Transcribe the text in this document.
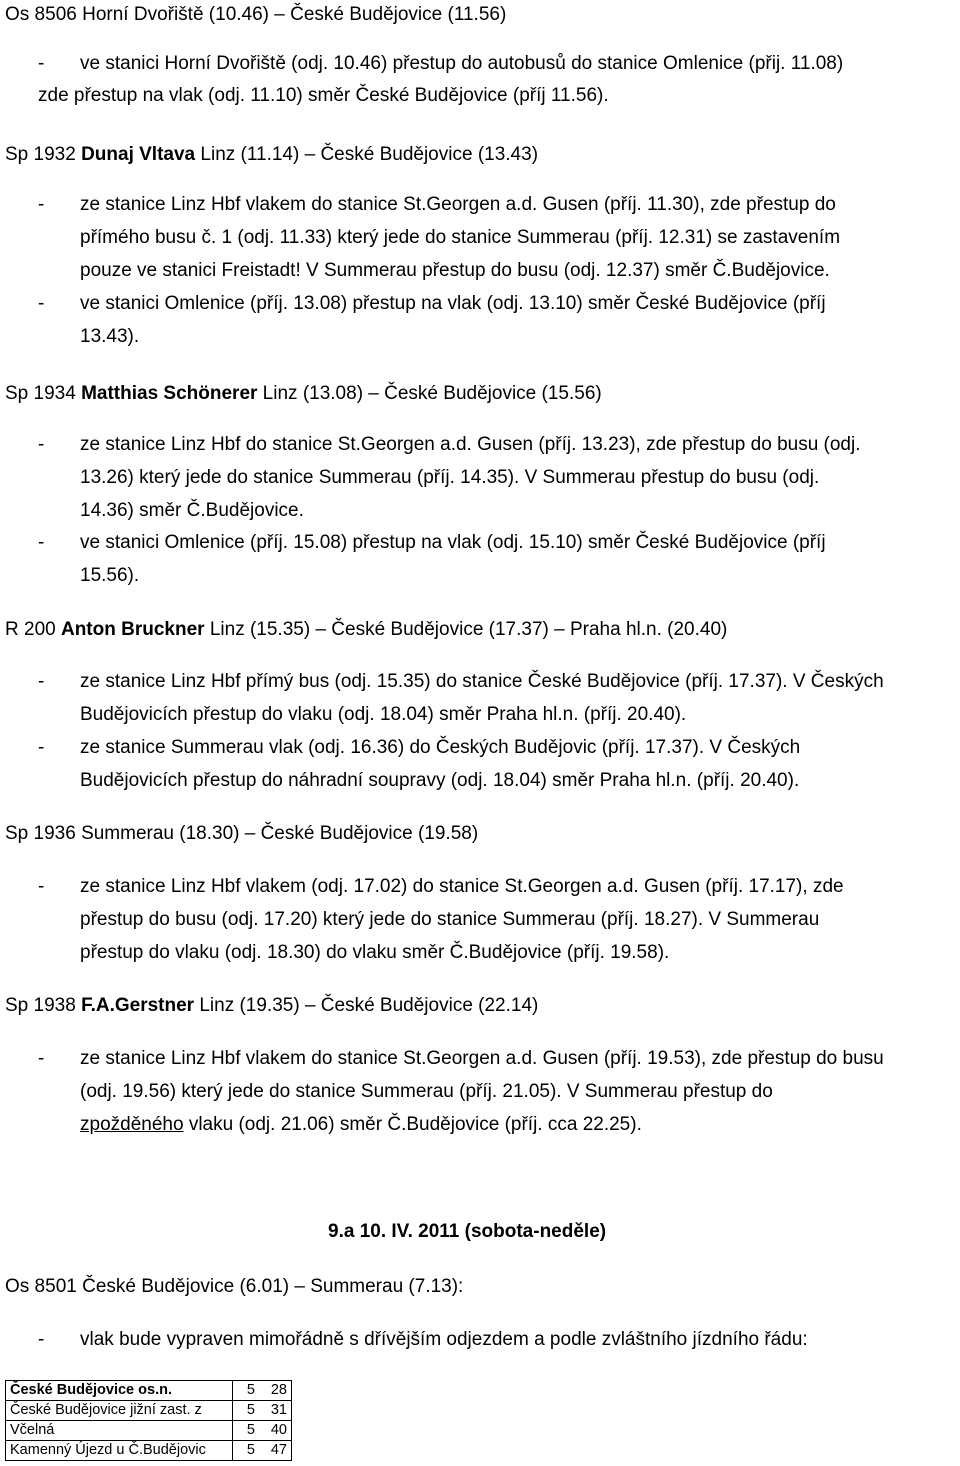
Os 8506 Horní Dvořiště (10.46) – České Budějovice (11.56)
- ve stanici Horní Dvořiště (odj. 10.46) přestup do autobusů do stanice Omlenice (přij. 11.08)
zde přestup na vlak (odj. 11.10) směr České Budějovice (příj 11.56).
Sp 1932 Dunaj Vltava Linz (11.14) – České Budějovice (13.43)
- ze stanice Linz Hbf vlakem do stanice St.Georgen a.d. Gusen (příj. 11.30), zde přestup do
přímého busu č. 1 (odj. 11.33) který jede do stanice Summerau (příj. 12.31) se zastavením
pouze ve stanici Freistadt! V Summerau přestup do busu (odj. 12.37) směr Č.Budějovice.
- ve stanici Omlenice (příj. 13.08) přestup na vlak (odj. 13.10) směr České Budějovice (příj
13.43).
Sp 1934 Matthias Schönerer Linz (13.08) – České Budějovice (15.56)
- ze stanice Linz Hbf do stanice St.Georgen a.d. Gusen (příj. 13.23), zde přestup do busu (odj.
13.26) který jede do stanice Summerau (příj. 14.35). V Summerau přestup do busu (odj.
14.36) směr Č.Budějovice.
- ve stanici Omlenice (příj. 15.08) přestup na vlak (odj. 15.10) směr České Budějovice (příj
15.56).
R 200 Anton Bruckner Linz (15.35) – České Budějovice (17.37) – Praha hl.n. (20.40)
- ze stanice Linz Hbf přímý bus (odj. 15.35) do stanice České Budějovice (příj. 17.37). V Českých
Budějovicích přestup do vlaku (odj. 18.04) směr Praha hl.n. (příj. 20.40).
- ze stanice Summerau vlak (odj. 16.36) do Českých Budějovic (příj. 17.37). V Českých
Budějovicích přestup do náhradní soupravy (odj. 18.04) směr Praha hl.n. (příj. 20.40).
Sp 1936 Summerau (18.30) – České Budějovice (19.58)
- ze stanice Linz Hbf vlakem (odj. 17.02) do stanice St.Georgen a.d. Gusen (příj. 17.17), zde
přestup do busu (odj. 17.20) který jede do stanice Summerau (příj. 18.27). V Summerau
přestup do vlaku (odj. 18.30) do vlaku směr Č.Budějovice (příj. 19.58).
Sp 1938 F.A.Gerstner Linz (19.35) – České Budějovice (22.14)
- ze stanice Linz Hbf vlakem do stanice St.Georgen a.d. Gusen (příj. 19.53), zde přestup do busu
(odj. 19.56) který jede do stanice Summerau (příj. 21.05). V Summerau přestup do
zpožděného vlaku (odj. 21.06) směr Č.Budějovice (příj. cca 22.25).
9.a 10. IV. 2011 (sobota-neděle)
Os 8501 České Budějovice (6.01) – Summerau (7.13):
- vlak bude vypraven mimořádně s dřívějším odjezdem a podle zvláštního jízdního řádu:
České Budějovice os.n.	5	28
České Budějovice jižní zast. z	5	31
Včelná	5	40
Kamenný Újezd u Č.Budějovic	5	47
